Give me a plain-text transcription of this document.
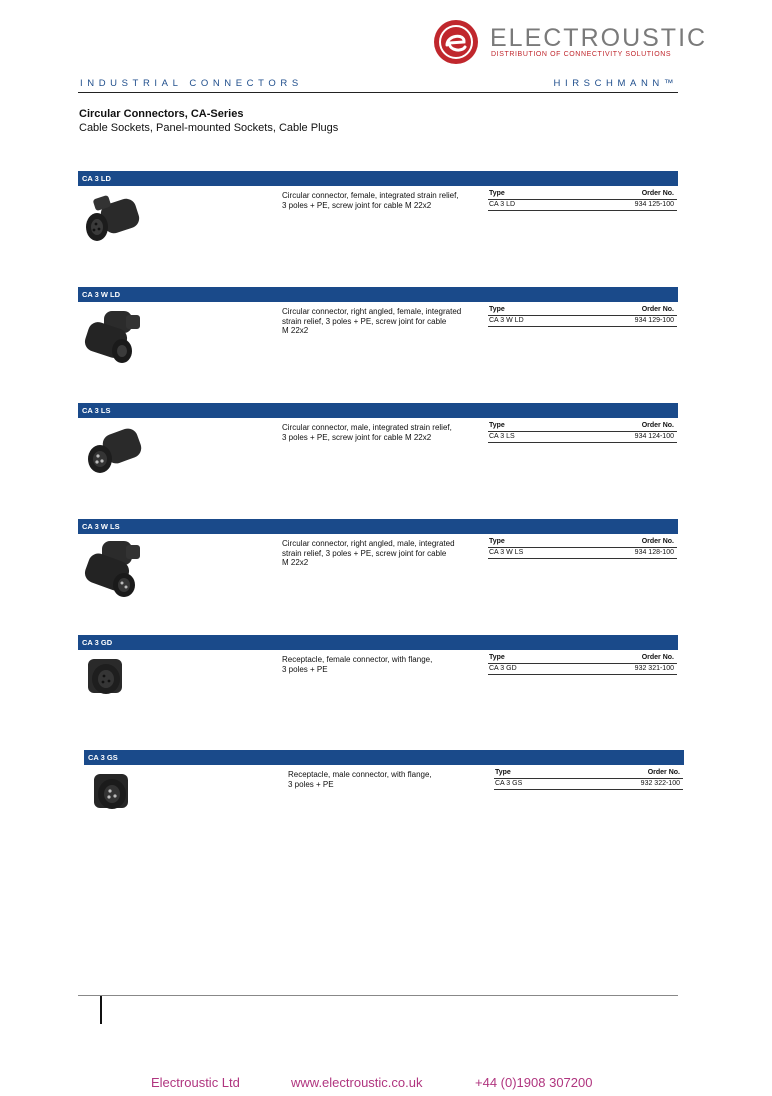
ELECTROUSTIC
DISTRIBUTION OF CONNECTIVITY SOLUTIONS
INDUSTRIAL CONNECTORS	HIRSCHMANN™
Circular Connectors, CA-Series
Cable Sockets, Panel-mounted Sockets, Cable Plugs
CA 3 LD
Circular connector, female, integrated strain relief,
3 poles + PE, screw joint for cable M 22x2
Type	Order No.
CA 3 LD	934 125-100
CA 3 W LD
Circular connector, right angled, female, integrated
strain relief, 3 poles + PE, screw joint for cable
M 22x2
Type	Order No.
CA 3 W LD	934 129-100
CA 3 LS
Circular connector, male, integrated strain relief,
3 poles + PE, screw joint for cable M 22x2
Type	Order No.
CA 3 LS	934 124-100
CA 3 W LS
Circular connector, right angled, male, integrated
strain relief, 3 poles + PE, screw joint for cable
M 22x2
Type	Order No.
CA 3 W LS	934 128-100
CA 3 GD
Receptacle, female connector, with flange,
3 poles + PE
Type	Order No.
CA 3 GD	932 321-100
CA 3 GS
Receptacle, male connector, with flange,
3 poles + PE
Type	Order No.
CA 3 GS	932 322-100
Electroustic Ltd	www.electroustic.co.uk	+44 (0)1908 307200
